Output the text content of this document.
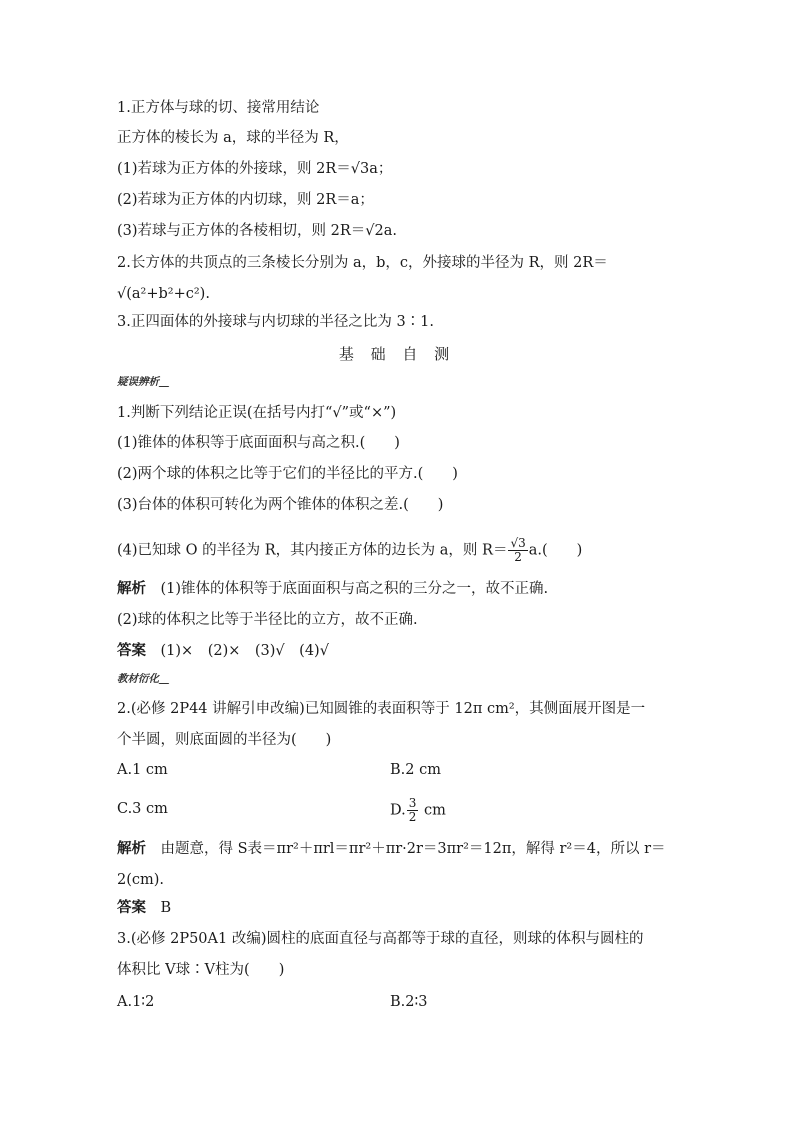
1.正方体与球的切、接常用结论
正方体的棱长为 a，球的半径为 R，
(1)若球为正方体的外接球，则 2R＝√3a；
(2)若球为正方体的内切球，则 2R＝a；
(3)若球与正方体的各棱相切，则 2R＝√2a.
2.长方体的共顶点的三条棱长分别为 a，b，c，外接球的半径为 R，则 2R＝
√(a²+b²+c²).
3.正四面体的外接球与内切球的半径之比为 3∶1.
基 础 自 测
疑误辨析
1.判断下列结论正误(在括号内打“√”或“×”)
(1)锥体的体积等于底面面积与高之积.(　　)
(2)两个球的体积之比等于它们的半径比的平方.(　　)
(3)台体的体积可转化为两个锥体的体积之差.(　　)
(4)已知球 O 的半径为 R，其内接正方体的边长为 a，则 $R= \frac{√3}{2} a$.(　　)
解析　 (1)锥体的体积等于底面面积与高之积的三分之一，故不正确.
(2)球的体积之比等于半径比的立方，故不正确.
答案　 (1)×　(2)×　(3)√　(4)√
教材衍化
2.(必修 2P44 讲解引申改编)已知圆锥的表面积等于 12π cm²，其侧面展开图是一
个半圆，则底面圆的半径为(　　)
A.1 cm	B.2 cm
C.3 cm	D. $\frac{3}{2}$ cm
解析　 由题意，得 S表＝πr²＋πrl＝πr²＋πr·2r＝3πr²＝12π，解得 r²＝4，所以 r＝
2(cm).
答案　 B
3.(必修 2P50A1 改编)圆柱的底面直径与高都等于球的直径，则球的体积与圆柱的
体积比 V球∶V柱为(　　)
A.1∶2	B.2∶3
